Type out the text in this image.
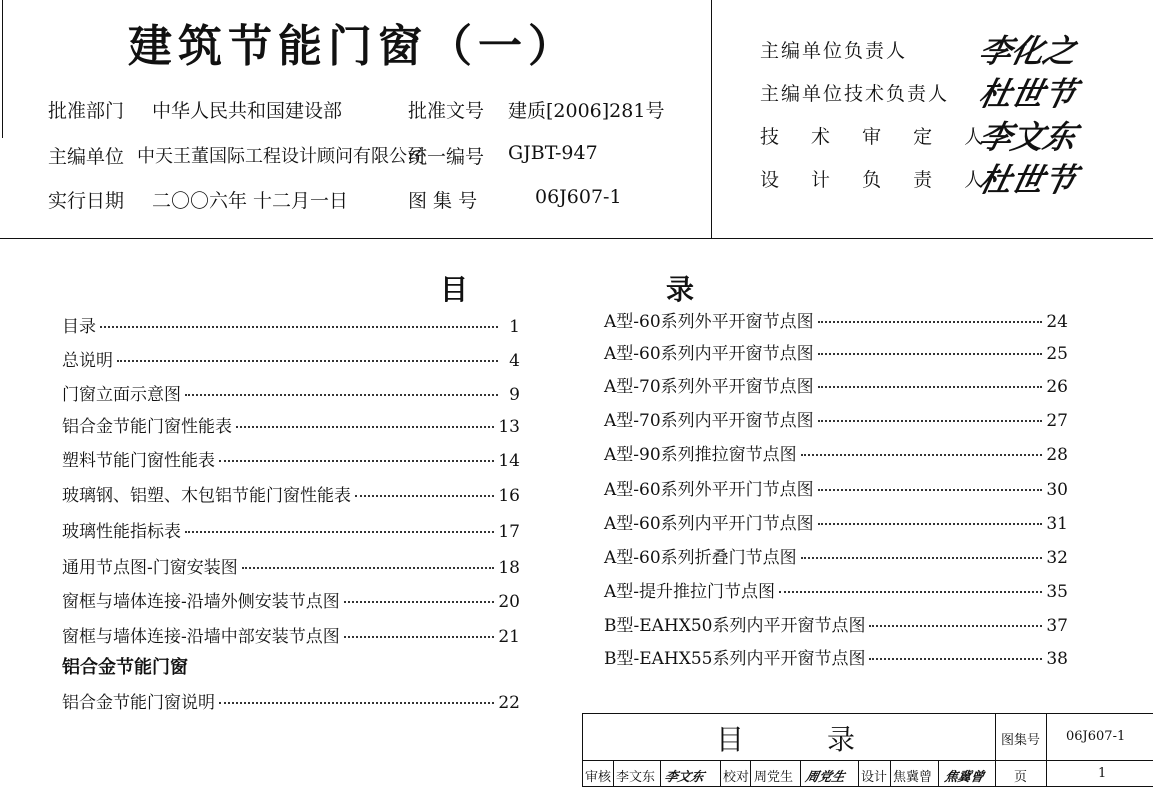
建筑节能门窗（一）
批准部门 中华人民共和国建设部	批准文号 建质[2006]281号
主编单位 中天王董国际工程设计顾问有限公司
统一编号 GJBT-947
实行日期 二〇〇六年 十二月一日	图 集 号	06J607-1
主编单位负责人 李化之
主编单位技术负责人 杜世节
技 术 审 定 人
李文东
设 计 负 责 人
杜世节
目	录
目录	1
总说明	4
门窗立面示意图	9
铝合金节能门窗性能表	13
塑料节能门窗性能表	14
玻璃钢、铝塑、木包铝节能门窗性能表	16
玻璃性能指标表	17
通用节点图-门窗安装图	18
窗框与墙体连接-沿墙外侧安装节点图	20
窗框与墙体连接-沿墙中部安装节点图	21
铝合金节能门窗
铝合金节能门窗说明	22
A型-60系列外平开窗节点图	24
A型-60系列内平开窗节点图	25
A型-70系列外平开窗节点图	26
A型-70系列内平开窗节点图	27
A型-90系列推拉窗节点图	28
A型-60系列外平开门节点图	30
A型-60系列内平开门节点图	31
A型-60系列折叠门节点图	32
A型-提升推拉门节点图	35
B型-EAHX50系列内平开窗节点图	37
B型-EAHX55系列内平开窗节点图	38
目	录	图集号 06J607-1
页	1
审核 李文东 李文东 校对 周党生 周党生 设计 焦冀曾 焦冀曾
